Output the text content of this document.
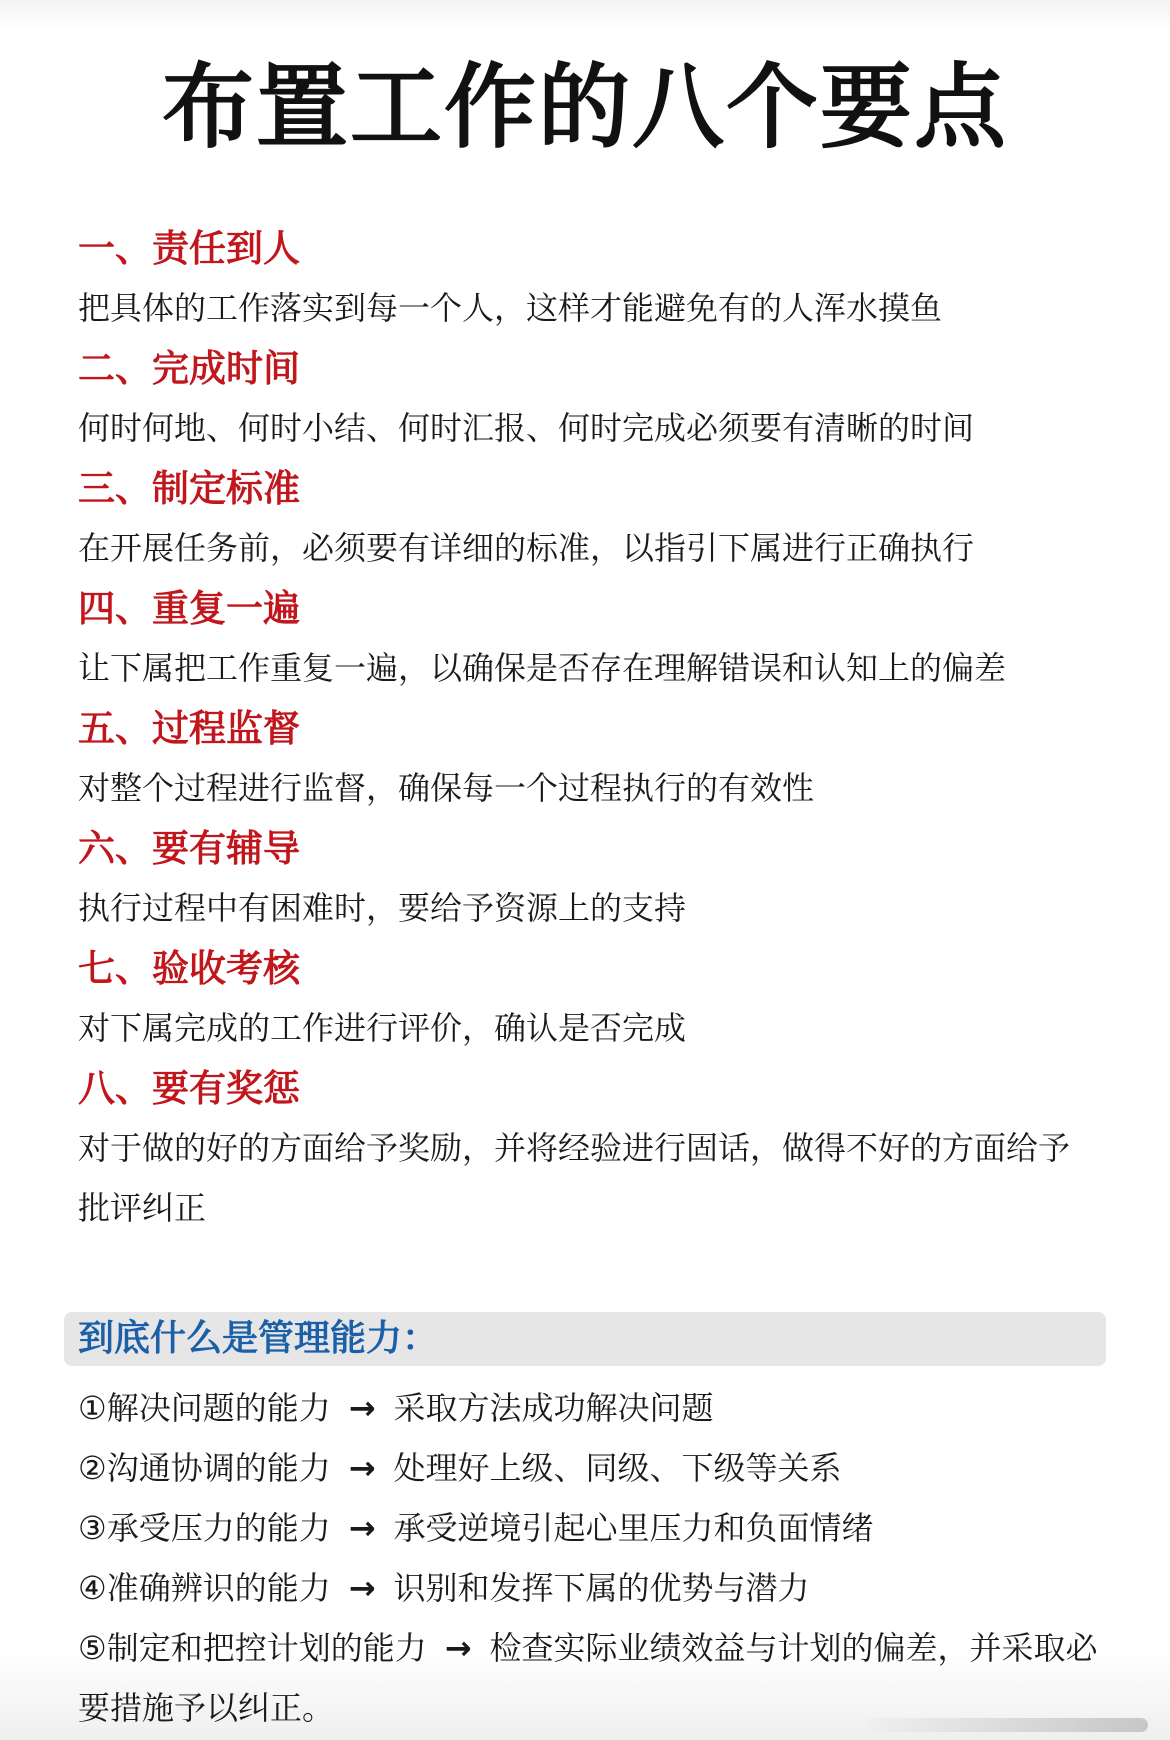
布置工作的八个要点
一、责任到人
把具体的工作落实到每一个人，这样才能避免有的人浑水摸鱼
二、完成时间
何时何地、何时小结、何时汇报、何时完成必须要有清晰的时间
三、制定标准
在开展任务前，必须要有详细的标准，以指引下属进行正确执行
四、重复一遍
让下属把工作重复一遍，以确保是否存在理解错误和认知上的偏差
五、过程监督
对整个过程进行监督，确保每一个过程执行的有效性
六、要有辅导
执行过程中有困难时，要给予资源上的支持
七、验收考核
对下属完成的工作进行评价，确认是否完成
八、要有奖惩
对于做的好的方面给予奖励，并将经验进行固话，做得不好的方面给予批评纠正
到底什么是管理能力：
①解决问题的能力 → 采取方法成功解决问题
②沟通协调的能力 → 处理好上级、同级、下级等关系
③承受压力的能力 → 承受逆境引起心里压力和负面情绪
④准确辨识的能力 → 识别和发挥下属的优势与潜力
⑤制定和把控计划的能力 → 检查实际业绩效益与计划的偏差，并采取必要措施予以纠正。
